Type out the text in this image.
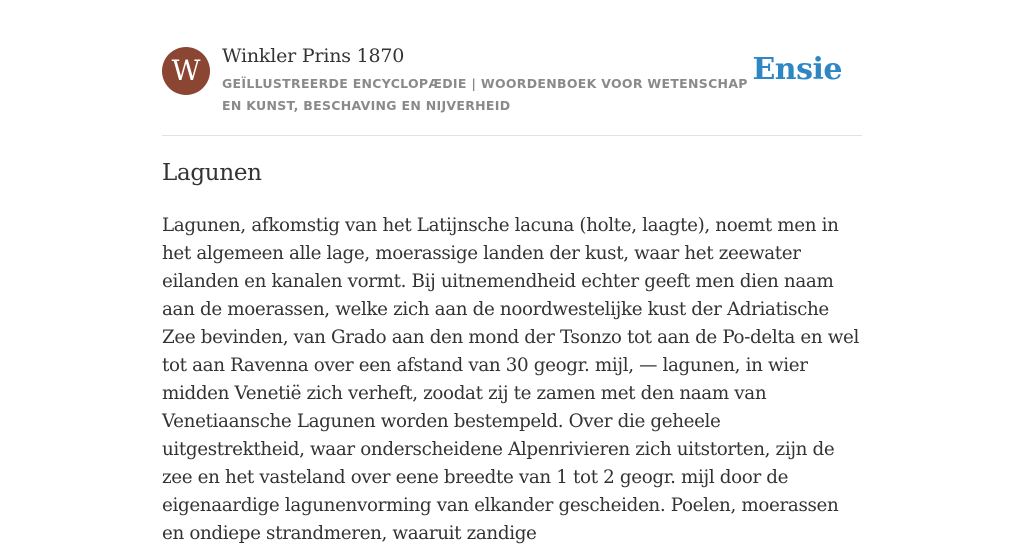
W	Winkler Prins 1870
GEÏLLUSTREERDE ENCYCLOPÆDIE | WOORDENBOEK VOOR WETENSCHAP EN KUNST, BESCHAVING EN NIJVERHEID
Ensie
Lagunen

Lagunen, afkomstig van het Latijnsche lacuna (holte, laagte), noemt men in het algemeen alle lage, moerassige landen der kust, waar het zeewater eilanden en kanalen vormt. Bij uitnemendheid echter geeft men dien naam aan de moerassen, welke zich aan de noordwestelijke kust der Adriatische Zee bevinden, van Grado aan den mond der Tsonzo tot aan de Po-delta en wel tot aan Ravenna over een afstand van 30 geogr. mijl, — lagunen, in wier midden Venetië zich verheft, zoodat zij te zamen met den naam van Venetiaansche Lagunen worden bestempeld. Over die geheele uitgestrektheid, waar onderscheidene Alpenrivieren zich uitstorten, zijn de zee en het vasteland over eene breedte van 1 tot 2 geogr. mijl door de eigenaardige lagunenvorming van elkander gescheiden. Poelen, moerassen en ondiepe strandmeren, waaruit zandige
